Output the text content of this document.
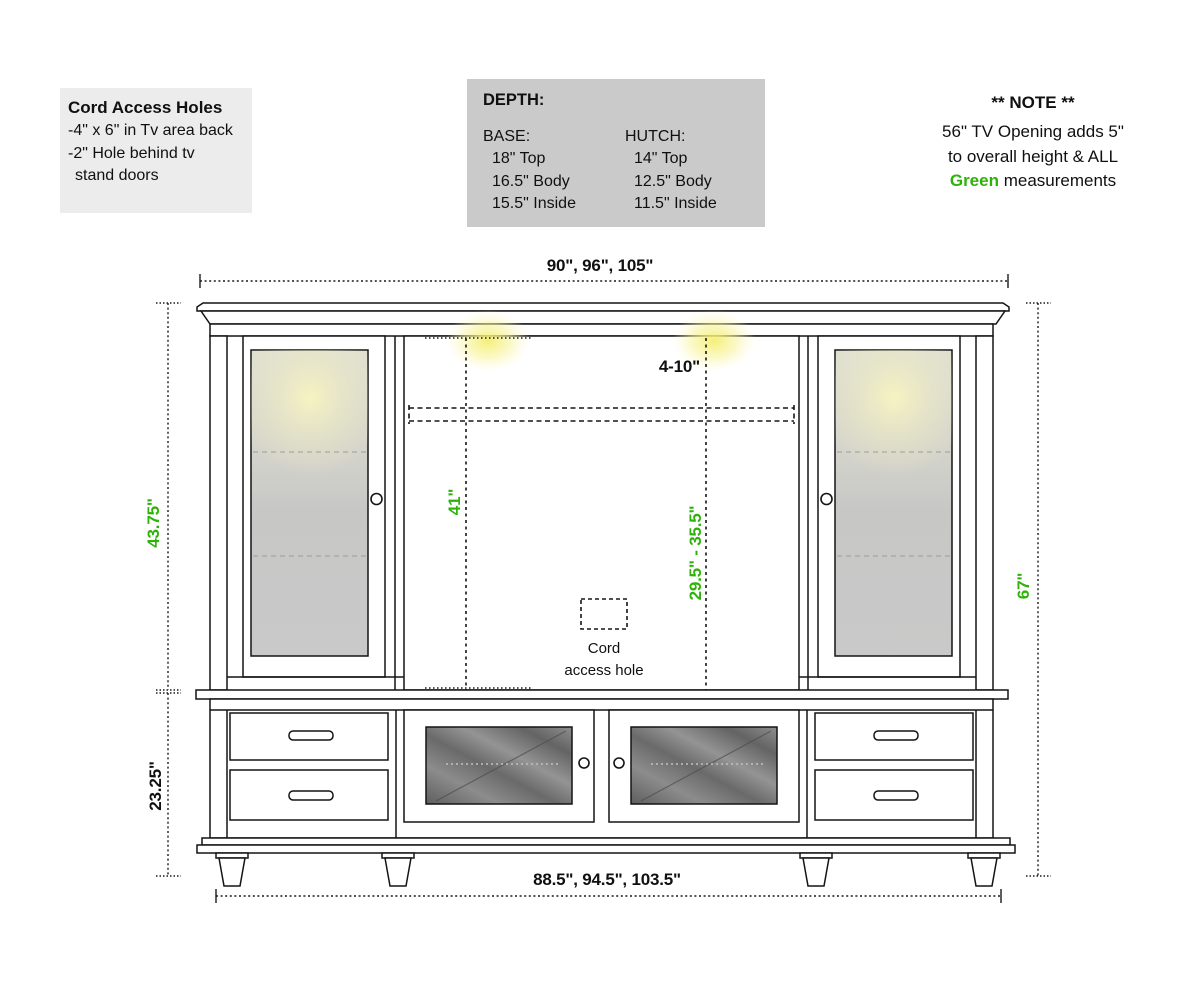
Cord Access Holes
-4" x 6" in Tv area back
-2" Hole behind tv
stand doors
DEPTH:
BASE:
18" Top
16.5" Body
15.5" Inside
HUTCH:
14" Top
12.5" Body
11.5" Inside
** NOTE **
56" TV Opening adds 5"
to overall height & ALL
Green measurements
90", 96", 105"
88.5", 94.5", 103.5"
43.75"
23.25"
67"
41"
29.5" - 35.5"
4-10"
Cord
access hole
